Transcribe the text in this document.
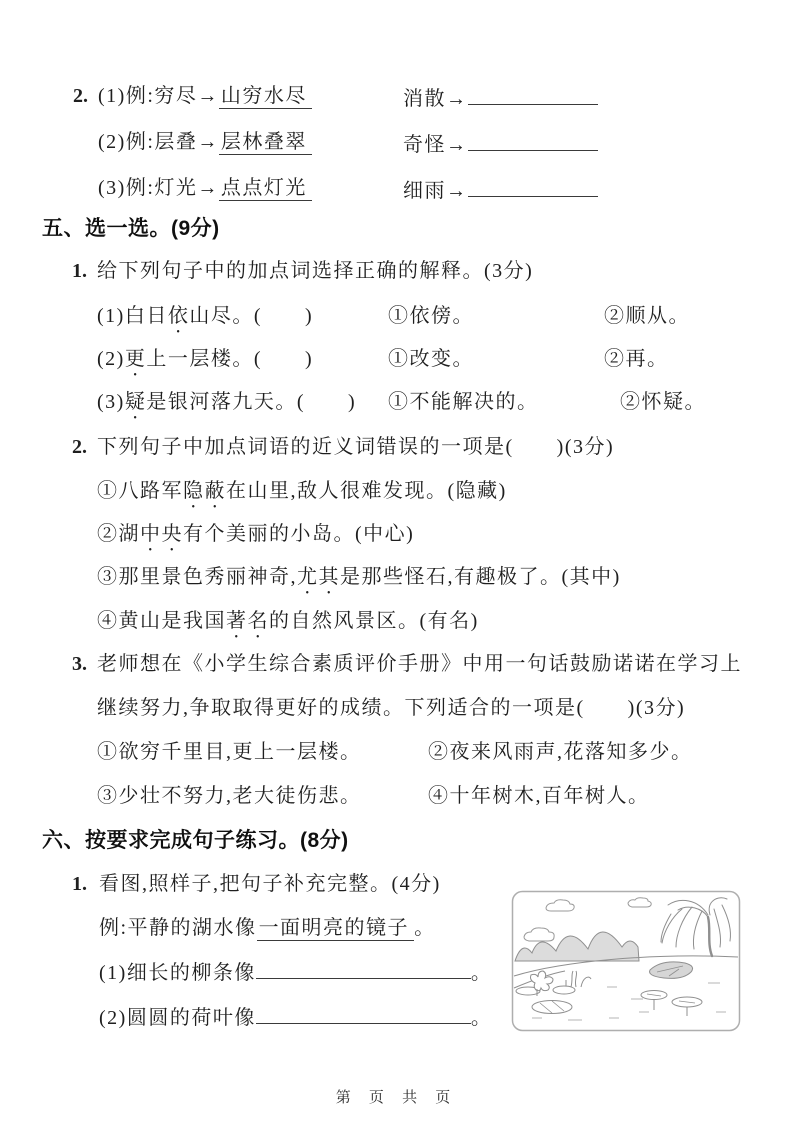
2. (1)例:穷尽→ 山穷水尽	消散→
(2)例:层叠→ 层林叠翠	奇怪→
(3)例:灯光→ 点点灯光	细雨→
五、选一选。(9分)
1. 给下列句子中的加点词选择正确的解释。(3分)
(1)白日依山尽。(　　)	①依傍。	②顺从。
(2)更上一层楼。(　　)	①改变。	②再。
(3)疑是银河落九天。(　　) ①不能解决的。	②怀疑。
2. 下列句子中加点词语的近义词错误的一项是(　　)(3分)
①八路军隐蔽在山里,敌人很难发现。(隐藏)
②湖中央有个美丽的小岛。(中心)
③那里景色秀丽神奇,尤其是那些怪石,有趣极了。(其中)
④黄山是我国著名的自然风景区。(有名)
3. 老师想在《小学生综合素质评价手册》中用一句话鼓励诺诺在学习上
继续努力,争取取得更好的成绩。下列适合的一项是(　　)(3分)
①欲穷千里目,更上一层楼。	②夜来风雨声,花落知多少。
③少壮不努力,老大徒伤悲。	④十年树木,百年树人。
六、按要求完成句子练习。(8分)
1. 看图,照样子,把句子补充完整。(4分)
例:平静的湖水像 一面明亮的镜子 。
(1)细长的柳条像	。
(2)圆圆的荷叶像	。
第 页 共 页
